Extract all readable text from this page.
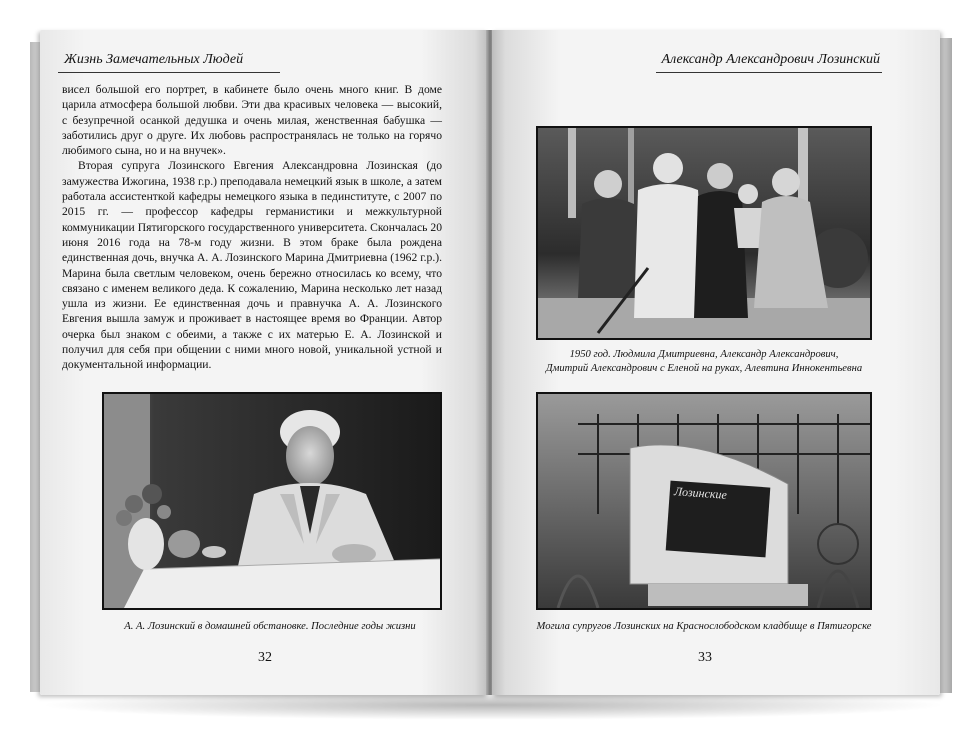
Жизнь Замечательных Людей

висел большой его портрет, в кабинете было очень много книг. В доме царила атмосфера большой любви. Эти два красивых человека — высокий, с безупречной осанкой дедушка и очень милая, женственная бабушка — заботились друг о друге. Их любовь распространялась не только на горячо любимого сына, но и на внучек».

Вторая супруга Лозинского Евгения Александровна Лозинская (до замужества Ижогина, 1938 г.р.) преподавала немецкий язык в школе, а затем работала ассистенткой кафедры немецкого языка в пединституте, с 2007 по 2015 гг. — профессор кафедры германистики и межкультурной коммуникации Пятигорского государственного университета. Скончалась 20 июня 2016 года на 78-м году жизни. В этом браке была рождена единственная дочь, внучка А. А. Лозинского Марина Дмитриевна (1962 г.р.). Марина была светлым человеком, очень бережно относилась ко всему, что связано с именем великого деда. К сожалению, Марина несколько лет назад ушла из жизни. Ее единственная дочь и правнучка А. А. Лозинского Евгения вышла замуж и проживает в настоящее время во Франции. Автор очерка был знаком с обеими, а также с их матерью Е. А. Лозинской и получил для себя при общении с ними много новой, уникальной устной и документальной информации.

А. А. Лозинский в домашней обстановке. Последние годы жизни
32
Александр Александрович Лозинский
1950 год. Людмила Дмитриевна, Александр Александрович,
Дмитрий Александрович с Еленой на руках, Алевтина Иннокентьевна
Лозинские
Могила супругов Лозинских на Краснослободском кладбище в Пятигорске
33
